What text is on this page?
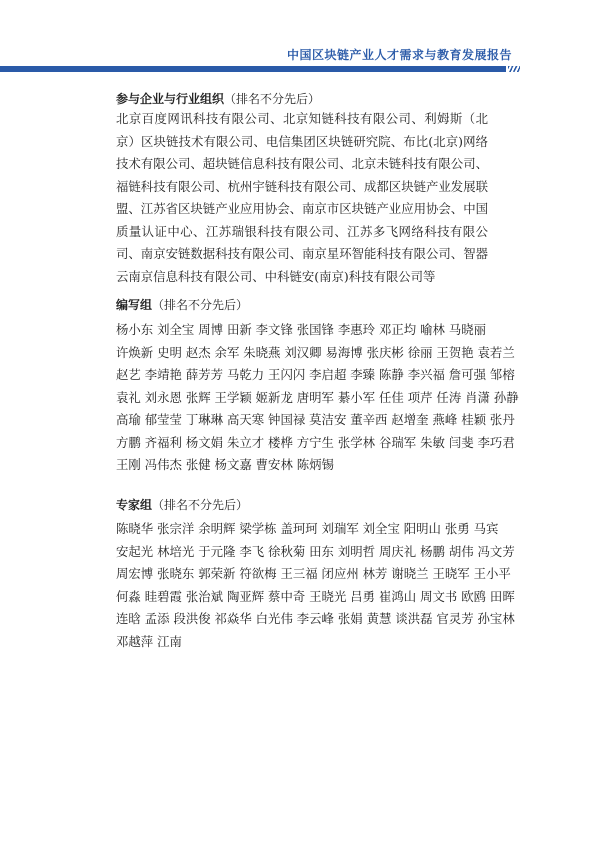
中国区块链产业人才需求与教育发展报告
参与企业与行业组织（排名不分先后）
北京百度网讯科技有限公司、北京知链科技有限公司、利姆斯（北京）区块链技术有限公司、电信集团区块链研究院、布比(北京)网络技术有限公司、超块链信息科技有限公司、北京未链科技有限公司、福链科技有限公司、杭州宇链科技有限公司、成都区块链产业发展联盟、江苏省区块链产业应用协会、南京市区块链产业应用协会、中国质量认证中心、江苏瑞银科技有限公司、江苏多飞网络科技有限公司、南京安链数据科技有限公司、南京星环智能科技有限公司、智器云南京信息科技有限公司、中科链安(南京)科技有限公司等
编写组（排名不分先后）
杨小东 刘全宝 周博 田新 李文锋 张国锋 李惠玲 邓正均 喻林 马晓丽
许焕新 史明 赵杰 余军 朱晓燕 刘汉卿 易海博 张庆彬 徐丽 王贺艳 袁若兰
赵艺 李靖艳 薛芳芳 马乾力 王闪闪 李启超 李臻 陈静 李兴福 詹可强 邹榕
袁礼 刘永恩 张辉 王学颖 姬新龙 唐明军 綦小军 任佳 项芹 任涛 肖潇 孙静
高瑜 郁莹莹 丁琳琳 高天寒 钟国禄 莫洁安 董辛西 赵增奎 燕峰 桂颖 张丹
方鹏 齐福利 杨文娟 朱立才 楼桦 方宁生 张学林 谷瑞军 朱敏 闫斐 李巧君
王刚 冯伟杰 张健 杨文嘉 曹安林 陈炳锡
专家组（排名不分先后）
陈晓华 张宗洋 余明辉 梁学栋 盖珂珂 刘瑞军 刘全宝 阳明山 张勇 马宾
安起光 林培光 于元隆 李飞 徐秋菊 田东 刘明哲 周庆礼 杨鹏 胡伟 冯文芳
周宏博 张晓东 郭荣新 符欲梅 王三福 闭应州 林芳 谢晓兰 王晓军 王小平
何淼 眭碧霞 张治斌 陶亚辉 蔡中奇 王晓光 吕勇 崔鸿山 周文书 欧鸥 田晖
连晗 孟添 段洪俊 祁焱华 白光伟 李云峰 张娟 黄慧 谈洪磊 官灵芳 孙宝林
邓越萍 江南
